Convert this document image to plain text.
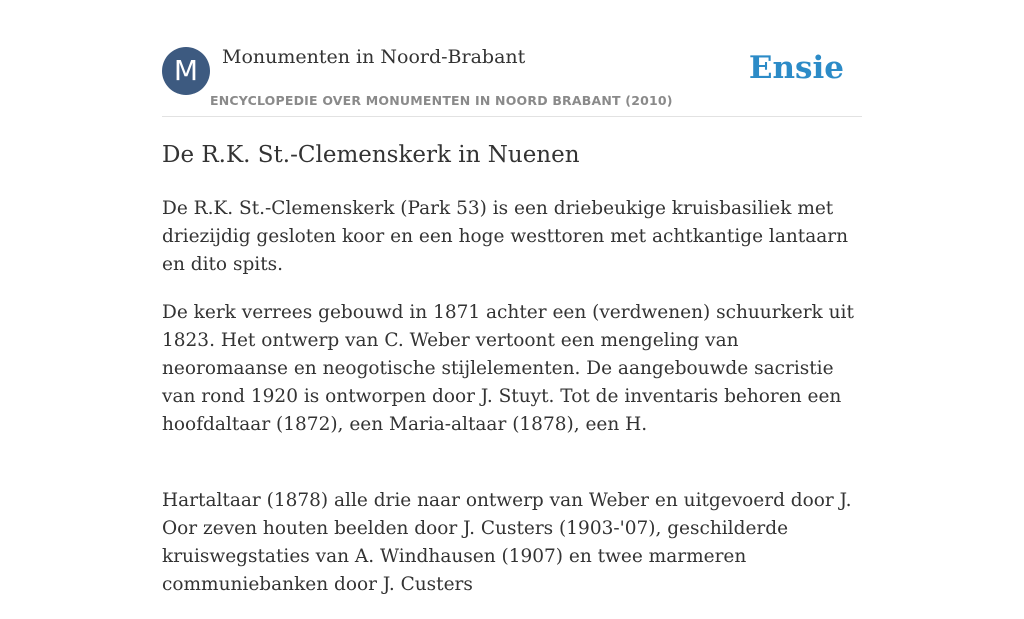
M	Monumenten in Noord-Brabant
ENCYCLOPEDIE OVER MONUMENTEN IN NOORD BRABANT (2010)
Ensie
De R.K. St.-Clemenskerk in Nuenen

De R.K. St.-Clemenskerk (Park 53) is een driebeukige kruisbasiliek met driezijdig gesloten koor en een hoge westtoren met achtkantige lantaarn en dito spits.

De kerk verrees gebouwd in 1871 achter een (verdwenen) schuurkerk uit 1823. Het ontwerp van C. Weber vertoont een mengeling van neoromaanse en neogotische stijlelementen. De aangebouwde sacristie van rond 1920 is ontworpen door J. Stuyt. Tot de inventaris behoren een hoofdaltaar (1872), een Maria-altaar (1878), een H.

Hartaltaar (1878) alle drie naar ontwerp van Weber en uitgevoerd door J. Oor zeven houten beelden door J. Custers (1903-'07), geschilderde kruiswegstaties van A. Windhausen (1907) en twee marmeren communiebanken door J. Custers
